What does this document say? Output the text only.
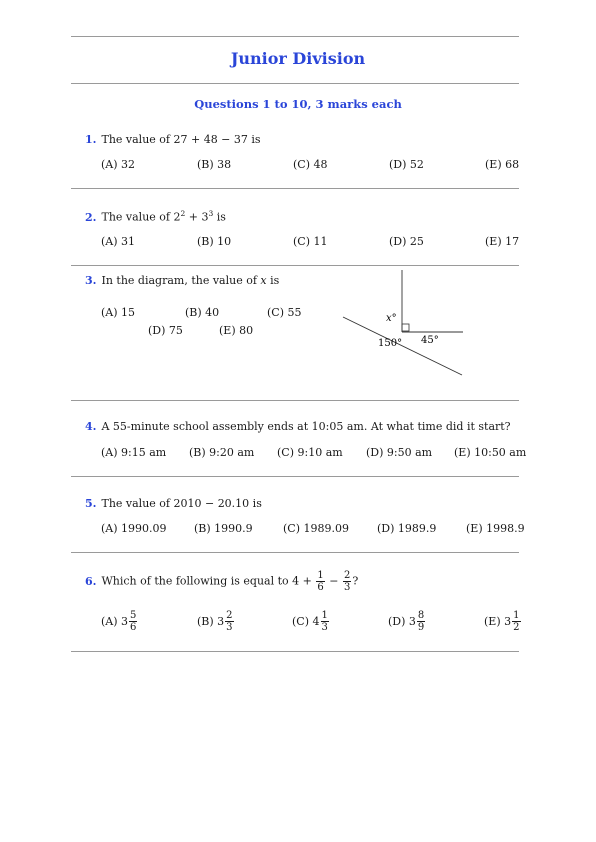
Junior Division
Questions 1 to 10, 3 marks each
1. The value of 27 + 48 − 37 is
(A) 32	(B) 38	(C) 48	(D) 52	(E) 68
2. The value of $2^2 + 3^3$ is
(A) 31	(B) 10	(C) 11	(D) 25	(E) 17
3. In the diagram, the value of x is
(A) 15	(B) 40	(C) 55
(D) 75	(E) 80
x°
150° 45°
4. A 55-minute school assembly ends at 10:05 am. At what time did it start?
(A) 9:15 am (B) 9:20 am (C) 9:10 am (D) 9:50 am (E) 10:50 am
5. The value of 2010 − 20.10 is
(A) 1990.09 (B) 1990.9	(C) 1989.09	(D) 1989.9	(E) 1998.9
6. Which of the following is equal to $4 + \frac{1}{6} - \frac{2}{3}$ ?
(A) $3 \frac{5}{6}$	(B) $3 \frac{2}{3}$	(C) $4 \frac{1}{3}$	(D) $3 \frac{8}{9}$	(E) $3 \frac{1}{2}$
